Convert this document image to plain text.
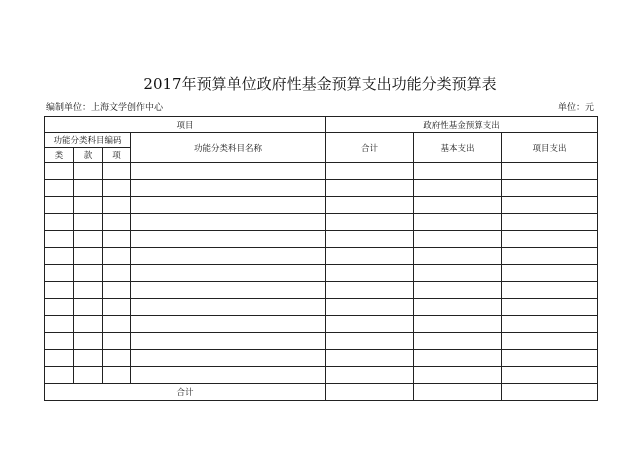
2017年预算单位政府性基金预算支出功能分类预算表
编制单位：上海文学创作中心	单位：元
项目				政府性基金预算支出		
功能分类科目编码			功能分类科目名称	合计	基本支出	项目支出
类	款	项				

合计						
